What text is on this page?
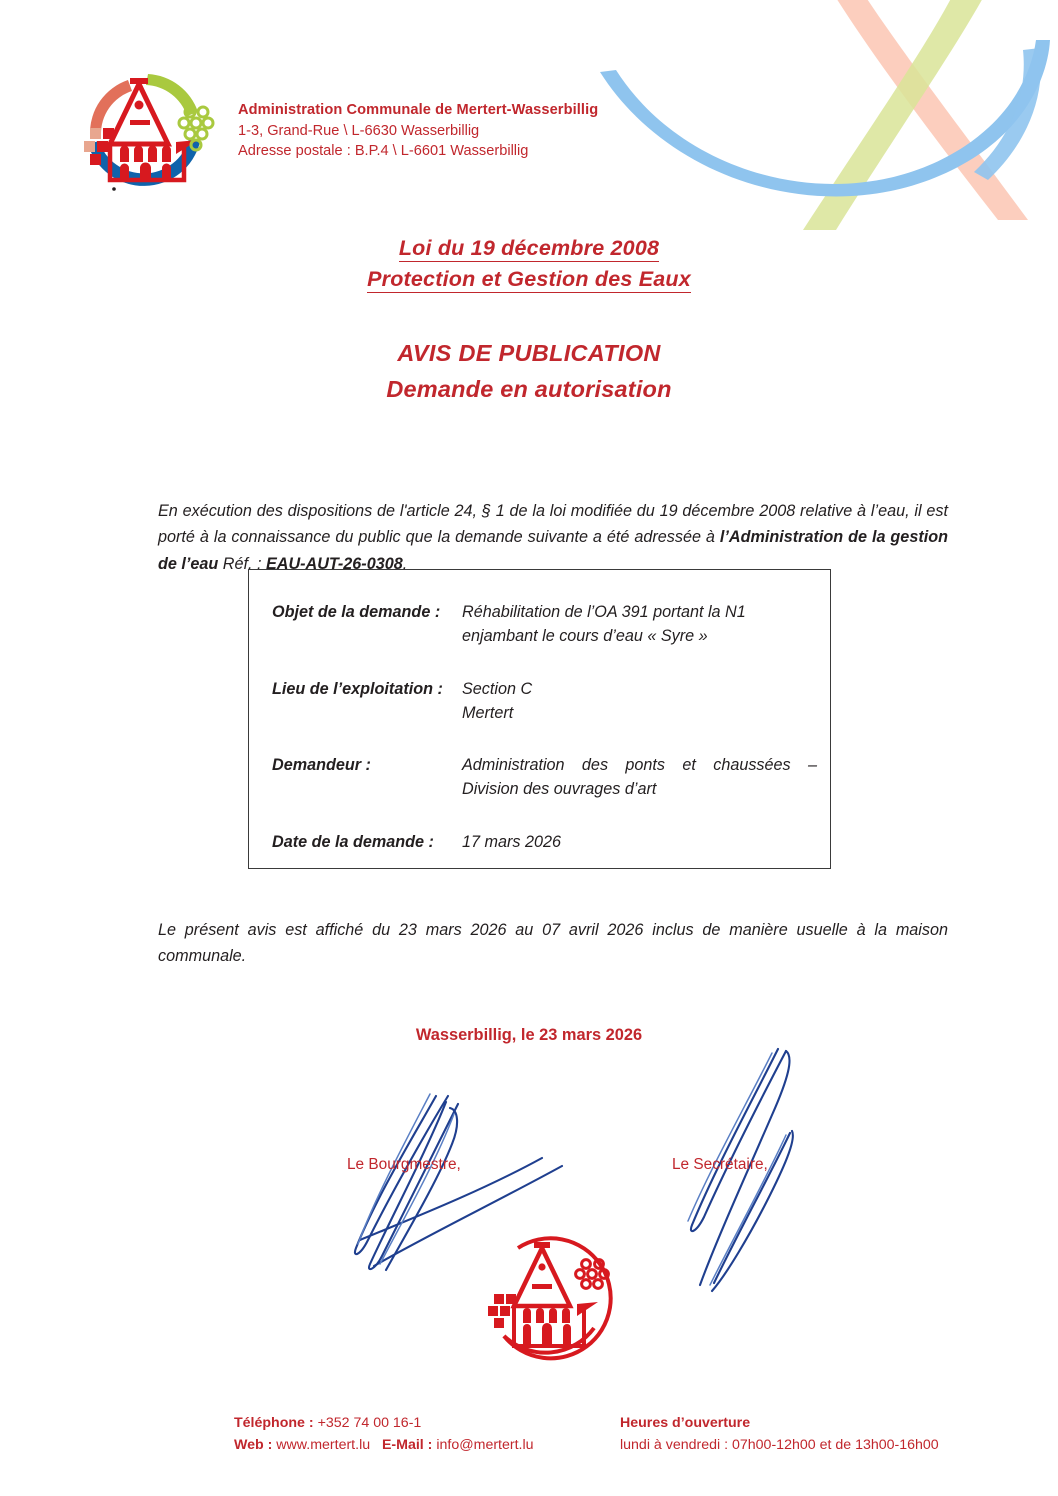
Administration Communale de Mertert-Wasserbillig
1-3, Grand-Rue \ L-6630 Wasserbillig
Adresse postale : B.P.4 \ L-6601 Wasserbillig
Loi du 19 décembre 2008
Protection et Gestion des Eaux
AVIS DE PUBLICATION
Demande en autorisation

En exécution des dispositions de l'article 24, § 1 de la loi modifiée du 19 décembre 2008 relative à l’eau, il est porté à la connaissance du public que la demande suivante a été adressée à l’Administration de la gestion de l’eau Réf. : EAU-AUT-26-0308.

Objet de la demande :	Réhabilitation de l’OA 391 portant la N1
enjambant le cours d’eau « Syre »
Lieu de l’exploitation :	Section C
Mertert
Demandeur :	Administration des ponts et chaussées –
Division des ouvrages d’art
Date de la demande :	17 mars 2026

Le présent avis est affiché du 23 mars 2026 au 07 avril 2026 inclus de manière usuelle à la maison communale.

Wasserbillig, le 23 mars 2026
Le Bourgmestre,	Le Secrétaire,
Téléphone : +352 74 00 16-1
Web : www.mertert.lu E-Mail : info@mertert.lu
Heures d’ouverture
lundi à vendredi : 07h00-12h00 et de 13h00-16h00
